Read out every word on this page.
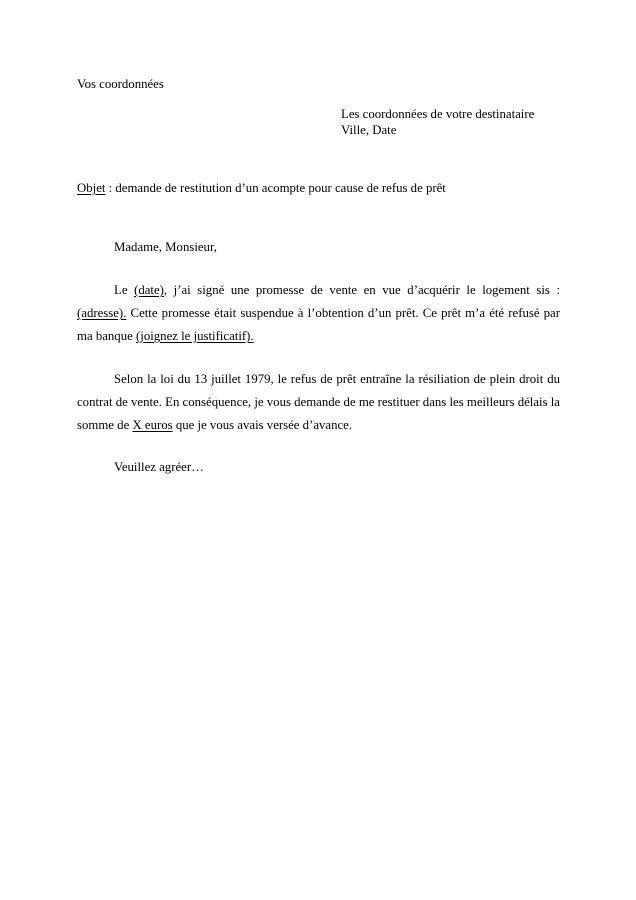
Vos coordonnées
Les coordonnées de votre destinataire
Ville, Date
Objet : demande de restitution d’un acompte pour cause de refus de prêt
Madame, Monsieur,
Le (date), j’ai signé une promesse de vente en vue d’acquérir le logement sis : (adresse). Cette promesse était suspendue à l’obtention d’un prêt. Ce prêt m’a été refusé par ma banque (joignez le justificatif).
Selon la loi du 13 juillet 1979, le refus de prêt entraîne la résiliation de plein droit du contrat de vente. En conséquence, je vous demande de me restituer dans les meilleurs délais la somme de X euros que je vous avais versée d’avance.
Veuillez agréer…
